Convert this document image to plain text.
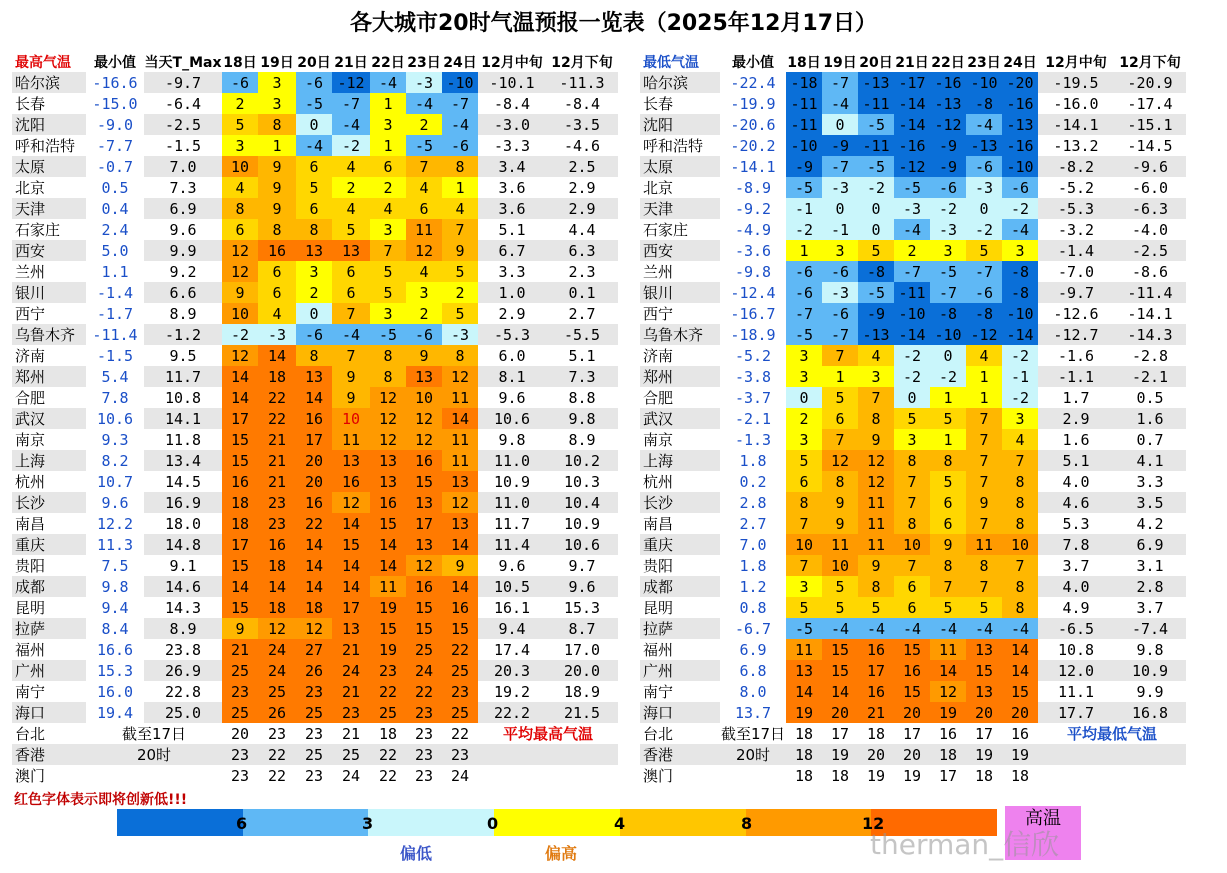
各大城市20时气温预报一览表（2025年12月17日）
最高气温	最小值	当天T_Max	18日	19日	20日	21日	22日	23日	24日	12月中旬	12月下旬
哈尔滨	-16.6	-9.7	-6	3	-6	-12	-4	-3	-10	-10.1	-11.3
长春	-15.0	-6.4	2	3	-5	-7	1	-4	-7	-8.4	-8.4
沈阳	-9.0	-2.5	5	8	0	-4	3	2	-4	-3.0	-3.5
呼和浩特	-7.7	-1.5	3	1	-4	-2	1	-5	-6	-3.3	-4.6
太原	-0.7	7.0	10	9	6	4	6	7	8	3.4	2.5
北京	0.5	7.3	4	9	5	2	2	4	1	3.6	2.9
天津	0.4	6.9	8	9	6	4	4	6	4	3.6	2.9
石家庄	2.4	9.6	6	8	8	5	3	11	7	5.1	4.4
西安	5.0	9.9	12	16	13	13	7	12	9	6.7	6.3
兰州	1.1	9.2	12	6	3	6	5	4	5	3.3	2.3
银川	-1.4	6.6	9	6	2	6	5	3	2	1.0	0.1
西宁	-1.7	8.9	10	4	0	7	3	2	5	2.9	2.7
乌鲁木齐	-11.4	-1.2	-2	-3	-6	-4	-5	-6	-3	-5.3	-5.5
济南	-1.5	9.5	12	14	8	7	8	9	8	6.0	5.1
郑州	5.4	11.7	14	18	13	9	8	13	12	8.1	7.3
合肥	7.8	10.8	14	22	14	9	12	10	11	9.6	8.8
武汉	10.6	14.1	17	22	16	10	12	12	14	10.6	9.8
南京	9.3	11.8	15	21	17	11	12	12	11	9.8	8.9
上海	8.2	13.4	15	21	20	13	13	16	11	11.0	10.2
杭州	10.7	14.5	16	21	20	16	13	15	13	10.9	10.3
长沙	9.6	16.9	18	23	16	12	16	13	12	11.0	10.4
南昌	12.2	18.0	18	23	22	14	15	17	13	11.7	10.9
重庆	11.3	14.8	17	16	14	15	14	13	14	11.4	10.6
贵阳	7.5	9.1	15	18	14	14	14	12	9	9.6	9.7
成都	9.8	14.6	14	14	14	14	11	16	14	10.5	9.6
昆明	9.4	14.3	15	18	18	17	19	15	16	16.1	15.3
拉萨	8.4	8.9	9	12	12	13	15	15	15	9.4	8.7
福州	16.6	23.8	21	24	27	21	19	25	22	17.4	17.0
广州	15.3	26.9	25	24	26	24	23	24	25	20.3	20.0
南宁	16.0	22.8	23	25	23	21	22	22	23	19.2	18.9
海口	19.4	25.0	25	26	25	23	25	23	25	22.2	21.5
台北	截至17日		20	23	23	21	18	23	22	平均最高气温	
香港	20时		23	22	25	25	22	23	23		
澳门			23	22	23	24	22	23	24		
最低气温	最小值	18日	19日	20日	21日	22日	23日	24日	12月中旬	12月下旬
哈尔滨	-22.4	-18	-7	-13	-17	-16	-10	-20	-19.5	-20.9
长春	-19.9	-11	-4	-11	-14	-13	-8	-16	-16.0	-17.4
沈阳	-20.6	-11	0	-5	-14	-12	-4	-13	-14.1	-15.1
呼和浩特	-20.2	-10	-9	-11	-16	-9	-13	-16	-13.2	-14.5
太原	-14.1	-9	-7	-5	-12	-9	-6	-10	-8.2	-9.6
北京	-8.9	-5	-3	-2	-5	-6	-3	-6	-5.2	-6.0
天津	-9.2	-1	0	0	-3	-2	0	-2	-5.3	-6.3
石家庄	-4.9	-2	-1	0	-4	-3	-2	-4	-3.2	-4.0
西安	-3.6	1	3	5	2	3	5	3	-1.4	-2.5
兰州	-9.8	-6	-6	-8	-7	-5	-7	-8	-7.0	-8.6
银川	-12.4	-6	-3	-5	-11	-7	-6	-8	-9.7	-11.4
西宁	-16.7	-7	-6	-9	-10	-8	-8	-10	-12.6	-14.1
乌鲁木齐	-18.9	-5	-7	-13	-14	-10	-12	-14	-12.7	-14.3
济南	-5.2	3	7	4	-2	0	4	-2	-1.6	-2.8
郑州	-3.8	3	1	3	-2	-2	1	-1	-1.1	-2.1
合肥	-3.7	0	5	7	0	1	1	-2	1.7	0.5
武汉	-2.1	2	6	8	5	5	7	3	2.9	1.6
南京	-1.3	3	7	9	3	1	7	4	1.6	0.7
上海	1.8	5	12	12	8	8	7	7	5.1	4.1
杭州	0.2	6	8	12	7	5	7	8	4.0	3.3
长沙	2.8	8	9	11	7	6	9	8	4.6	3.5
南昌	2.7	7	9	11	8	6	7	8	5.3	4.2
重庆	7.0	10	11	11	10	9	11	10	7.8	6.9
贵阳	1.8	7	10	9	7	8	8	7	3.7	3.1
成都	1.2	3	5	8	6	7	7	8	4.0	2.8
昆明	0.8	5	5	5	6	5	5	8	4.9	3.7
拉萨	-6.7	-5	-4	-4	-4	-4	-4	-4	-6.5	-7.4
福州	6.9	11	15	16	15	11	13	14	10.8	9.8
广州	6.8	13	15	17	16	14	15	14	12.0	10.9
南宁	8.0	14	14	16	15	12	13	15	11.1	9.9
海口	13.7	19	20	21	20	19	20	20	17.7	16.8
台北	截至17日	18	17	18	17	16	17	16	平均最低气温	
香港	20时	18	19	20	20	18	19	19		
澳门		18	18	19	19	17	18	18		
红色字体表示即将创新低!!!
6	3	0	4	8	12	高温
偏低	偏高	therman_信欣
